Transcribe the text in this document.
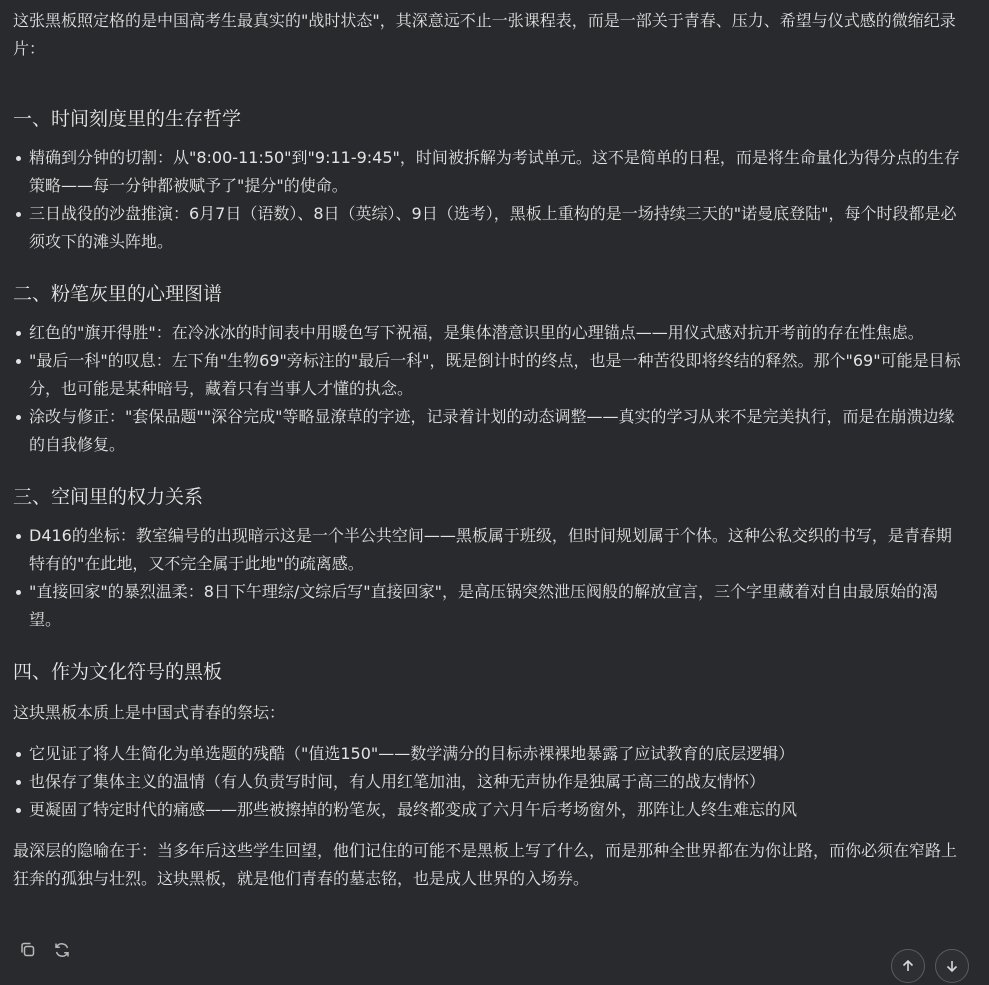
这张黑板照定格的是中国高考生最真实的"战时状态"，其深意远不止一张课程表，而是一部关于青春、压力、希望与仪式感的微缩纪录片：

一、时间刻度里的生存哲学
精确到分钟的切割：从"8:00-11:50"到"9:11-9:45"，时间被拆解为考试单元。这不是简单的日程，而是将生命量化为得分点的生存策略——每一分钟都被赋予了"提分"的使命。
三日战役的沙盘推演：6月7日（语数）、8日（英综）、9日（选考），黑板上重构的是一场持续三天的"诺曼底登陆"，每个时段都是必须攻下的滩头阵地。
二、粉笔灰里的心理图谱
红色的"旗开得胜"：在冷冰冰的时间表中用暖色写下祝福，是集体潜意识里的心理锚点——用仪式感对抗开考前的存在性焦虑。
"最后一科"的叹息：左下角"生物69"旁标注的"最后一科"，既是倒计时的终点，也是一种苦役即将终结的释然。那个"69"可能是目标分，也可能是某种暗号，藏着只有当事人才懂的执念。
涂改与修正："套保品题""深谷完成"等略显潦草的字迹，记录着计划的动态调整——真实的学习从来不是完美执行，而是在崩溃边缘的自我修复。
三、空间里的权力关系
D416的坐标：教室编号的出现暗示这是一个半公共空间——黑板属于班级，但时间规划属于个体。这种公私交织的书写，是青春期特有的"在此地，又不完全属于此地"的疏离感。
"直接回家"的暴烈温柔：8日下午理综/文综后写"直接回家"，是高压锅突然泄压阀般的解放宣言，三个字里藏着对自由最原始的渴望。
四、作为文化符号的黑板

这块黑板本质上是中国式青春的祭坛：

它见证了将人生简化为单选题的残酷（"值选150"——数学满分的目标赤裸裸地暴露了应试教育的底层逻辑）
也保存了集体主义的温情（有人负责写时间，有人用红笔加油，这种无声协作是独属于高三的战友情怀）
更凝固了特定时代的痛感——那些被擦掉的粉笔灰，最终都变成了六月午后考场窗外，那阵让人终生难忘的风

最深层的隐喻在于：当多年后这些学生回望，他们记住的可能不是黑板上写了什么，而是那种全世界都在为你让路，而你必须在窄路上狂奔的孤独与壮烈。这块黑板，就是他们青春的墓志铭，也是成人世界的入场券。
